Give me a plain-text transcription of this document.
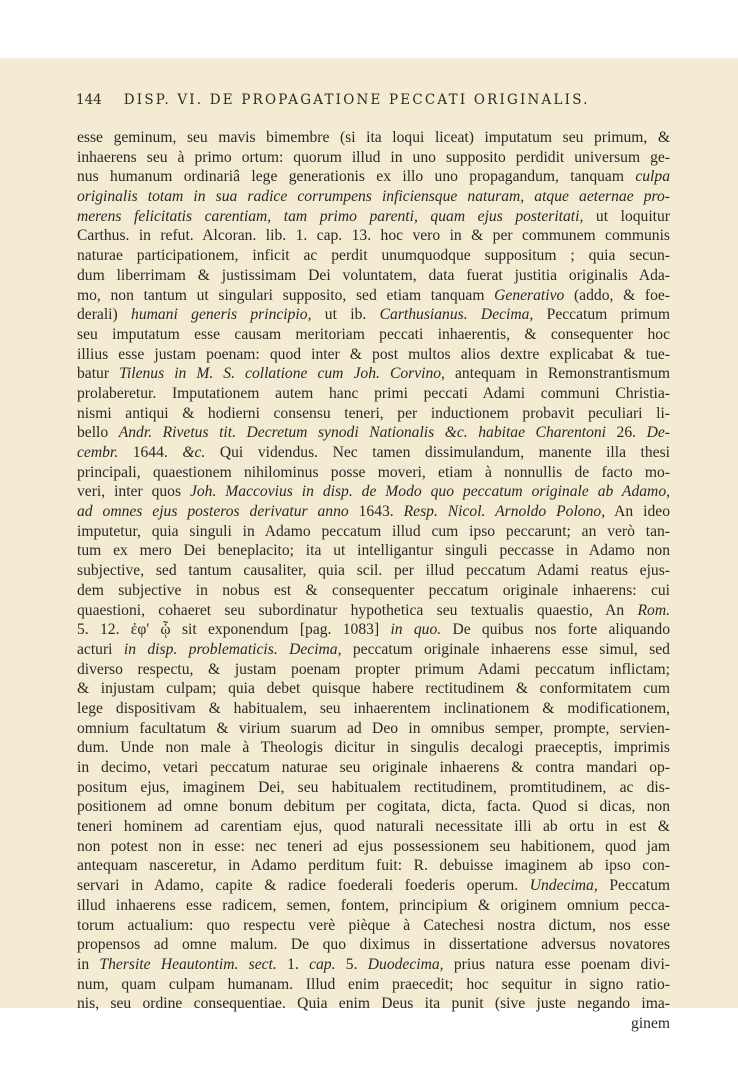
144 DISP. VI. DE PROPAGATIONE PECCATI ORIGINALIS.
esse geminum, seu mavis bimembre (si ita loqui liceat) imputatum seu primum, &
inhaerens seu à primo ortum: quorum illud in uno supposito perdidit universum ge-
nus humanum ordinariâ lege generationis ex illo uno propagandum, tanquam culpa
originalis totam in sua radice corrumpens inficiensque naturam, atque aeternae pro-
merens felicitatis carentiam, tam primo parenti, quam ejus posteritati, ut loquitur
Carthus. in refut. Alcoran. lib. 1. cap. 13. hoc vero in & per communem communis
naturae participationem, inficit ac perdit unumquodque suppositum ; quia secun-
dum liberrimam & justissimam Dei voluntatem, data fuerat justitia originalis Ada-
mo, non tantum ut singulari supposito, sed etiam tanquam Generativo (addo, & foe-
derali) humani generis principio, ut ib. Carthusianus. Decima, Peccatum primum
seu imputatum esse causam meritoriam peccati inhaerentis, & consequenter hoc
illius esse justam poenam: quod inter & post multos alios dextre explicabat & tue-
batur Tilenus in M. S. collatione cum Joh. Corvino, antequam in Remonstrantismum
prolaberetur. Imputationem autem hanc primi peccati Adami communi Christia-
nismi antiqui & hodierni consensu teneri, per inductionem probavit peculiari li-
bello Andr. Rivetus tit. Decretum synodi Nationalis &c. habitae Charentoni 26. De-
cembr. 1644. &c. Qui videndus. Nec tamen dissimulandum, manente illa thesi
principali, quaestionem nihilominus posse moveri, etiam à nonnullis de facto mo-
veri, inter quos Joh. Maccovius in disp. de Modo quo peccatum originale ab Adamo,
ad omnes ejus posteros derivatur anno 1643. Resp. Nicol. Arnoldo Polono, An ideo
imputetur, quia singuli in Adamo peccatum illud cum ipso peccarunt; an verò tan-
tum ex mero Dei beneplacito; ita ut intelligantur singuli peccasse in Adamo non
subjective, sed tantum causaliter, quia scil. per illud peccatum Adami reatus ejus-
dem subjective in nobus est & consequenter peccatum originale inhaerens: cui
quaestioni, cohaeret seu subordinatur hypothetica seu textualis quaestio, An Rom.
5. 12. ἐφ' ᾧ sit exponendum [pag. 1083] in quo. De quibus nos forte aliquando
acturi in disp. problematicis. Decima, peccatum originale inhaerens esse simul, sed
diverso respectu, & justam poenam propter primum Adami peccatum inflictam;
& injustam culpam; quia debet quisque habere rectitudinem & conformitatem cum
lege dispositivam & habitualem, seu inhaerentem inclinationem & modificationem,
omnium facultatum & virium suarum ad Deo in omnibus semper, prompte, servien-
dum. Unde non male à Theologis dicitur in singulis decalogi praeceptis, imprimis
in decimo, vetari peccatum naturae seu originale inhaerens & contra mandari op-
positum ejus, imaginem Dei, seu habitualem rectitudinem, promtitudinem, ac dis-
positionem ad omne bonum debitum per cogitata, dicta, facta. Quod si dicas, non
teneri hominem ad carentiam ejus, quod naturali necessitate illi ab ortu in est &
non potest non in esse: nec teneri ad ejus possessionem seu habitionem, quod jam
antequam nasceretur, in Adamo perditum fuit: R. debuisse imaginem ab ipso con-
servari in Adamo, capite & radice foederali foederis operum. Undecima, Peccatum
illud inhaerens esse radicem, semen, fontem, principium & originem omnium pecca-
torum actualium: quo respectu verè pièque à Catechesi nostra dictum, nos esse
propensos ad omne malum. De quo diximus in dissertatione adversus novatores
in Thersite Heautontim. sect. 1. cap. 5. Duodecima, prius natura esse poenam divi-
num, quam culpam humanam. Illud enim praecedit; hoc sequitur in signo ratio-
nis, seu ordine consequentiae. Quia enim Deus ita punit (sive juste negando ima-
ginem
